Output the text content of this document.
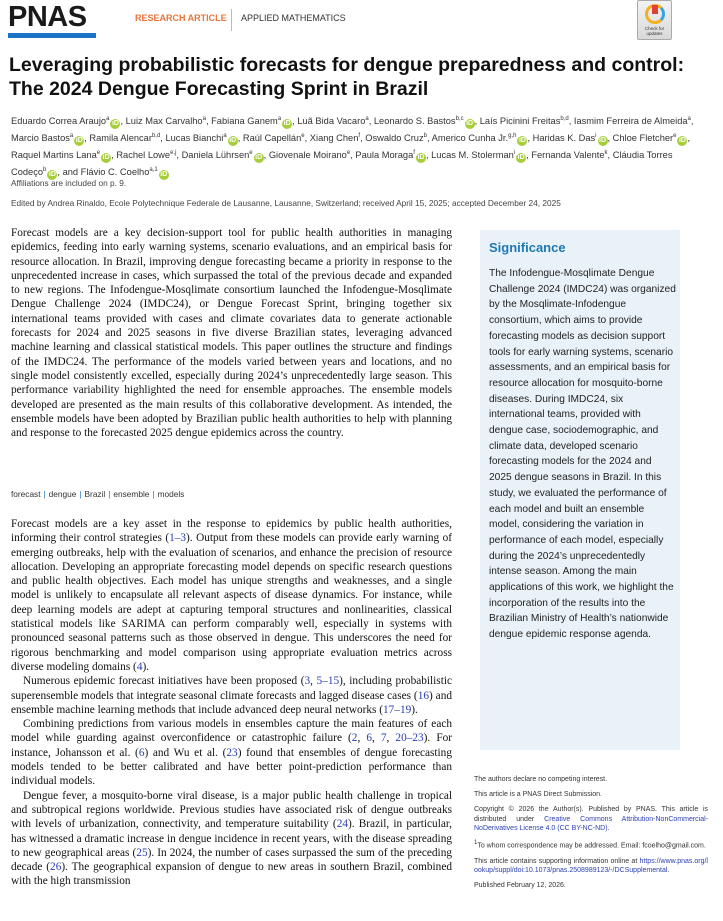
PNAS	RESEARCH ARTICLE APPLIED MATHEMATICS
Check for updates
Leveraging probabilistic forecasts for dengue preparedness and control: The 2024 Dengue Forecasting Sprint in Brazil
Eduardo Correa Araujo$^a$iD , Luiz Max Carvalho$^a$, Fabiana Ganem$^a$iD , Luã Bida Vacaro$^a$, Leonardo S. Bastos$^{b,c}$iD , Laís Picinini Freitas$^{b,d}$, Iasmim Ferreira de Almeida$^a$, Marcio Bastos$^a$iD , Ramila Alencar$^{b,d}$, Lucas Bianchi$^a$iD , Raúl Capellán$^e$, Xiang Chen$^f$, Oswaldo Cruz$^b$, Americo Cunha Jr.$^{g,h}$iD , Haridas K. Das$^i$iD , Chloe Fletcher$^e$iD , Raquel Martins Lana$^e$iD , Rachel Lowe$^{e,j}$, Daniela Lührsen$^e$iD , Giovenale Moirano$^e$, Paula Moraga$^f$iD , Lucas M. Stolerman$^i$iD , Fernanda Valente$^k$, Cláudia Torres Codeço$^b$iD , and Flávio C. Coelho$^{a,1}$iD
Affiliations are included on p. 9.
Edited by Andrea Rinaldo, Ecole Polytechnique Federale de Lausanne, Lausanne, Switzerland; received April 15, 2025; accepted December 24, 2025
Forecast models are a key decision-support tool for public health authorities in managing epidemics, feeding into early warning systems, scenario evaluations, and an empirical basis for resource allocation. In Brazil, improving dengue forecasting became a priority in response to the unprecedented increase in cases, which surpassed the total of the previous decade and expanded to new regions. The Infodengue-Mosqlimate consortium launched the Infodengue-Mosqlimate Dengue Challenge 2024 (IMDC24), or Dengue Forecast Sprint, bringing together six international teams provided with cases and climate covariates data to generate actionable forecasts for 2024 and 2025 seasons in five diverse Brazilian states, leveraging advanced machine learning and classical statistical models. This paper outlines the structure and findings of the IMDC24. The performance of the models varied between years and locations, and no single model consistently excelled, especially during 2024’s unprecedentedly large season. This performance variability highlighted the need for ensemble approaches. The ensemble models developed are presented as the main results of this collaborative development. As intended, the ensemble models have been adopted by Brazilian public health authorities to help with planning and response to the forecasted 2025 dengue epidemics across the country.
forecast | dengue | Brazil | ensemble | models

Forecast models are a key asset in the response to epidemics by public health authorities, informing their control strategies (1–3). Output from these models can provide early warning of emerging outbreaks, help with the evaluation of scenarios, and enhance the precision of resource allocation. Developing an appropriate forecasting model depends on specific research questions and public health objectives. Each model has unique strengths and weaknesses, and a single model is unlikely to encapsulate all relevant aspects of disease dynamics. For instance, while deep learning models are adept at capturing temporal structures and nonlinearities, classical statistical models like SARIMA can perform comparably well, especially in systems with pronounced seasonal patterns such as those observed in dengue. This underscores the need for rigorous benchmarking and model comparison using appropriate evaluation metrics across diverse modeling domains (4).

Numerous epidemic forecast initiatives have been proposed (3, 5–15), including probabilistic superensemble models that integrate seasonal climate forecasts and lagged disease cases (16) and ensemble machine learning methods that include advanced deep neural networks (17–19).

Combining predictions from various models in ensembles capture the main features of each model while guarding against overconfidence or catastrophic failure (2, 6, 7, 20–23). For instance, Johansson et al. (6) and Wu et al. (23) found that ensembles of dengue forecasting models tended to be better calibrated and have better point-prediction performance than individual models.

Dengue fever, a mosquito-borne viral disease, is a major public health challenge in tropical and subtropical regions worldwide. Previous studies have associated risk of dengue outbreaks with levels of urbanization, connectivity, and temperature suitability (24). Brazil, in particular, has witnessed a dramatic increase in dengue incidence in recent years, with the disease spreading to new geographical areas (25). In 2024, the number of cases surpassed the sum of the preceding decade (26). The geographical expansion of dengue to new areas in southern Brazil, combined with the high transmission

Significance
The Infodengue-Mosqlimate Dengue Challenge 2024 (IMDC24) was organized by the Mosqlimate-Infodengue consortium, which aims to provide forecasting models as decision support tools for early warning systems, scenario assessments, and an empirical basis for resource allocation for mosquito-borne diseases. During IMDC24, six international teams, provided with dengue case, sociodemographic, and climate data, developed scenario forecasting models for the 2024 and 2025 dengue seasons in Brazil. In this study, we evaluated the performance of each model and built an ensemble model, considering the variation in performance of each model, especially during the 2024’s unprecedentedly intense season. Among the main applications of this work, we highlight the incorporation of the results into the Brazilian Ministry of Health’s nationwide dengue epidemic response agenda.

The authors declare no competing interest.

This article is a PNAS Direct Submission.

Copyright © 2026 the Author(s). Published by PNAS. This article is distributed under Creative Commons Attribution-NonCommercial-NoDerivatives License 4.0 (CC BY-NC-ND).

$^1$To whom correspondence may be addressed. Email: fcoelho@gmail.com.

This article contains supporting information online at https://www.pnas.org/lookup/suppl/doi:10.1073/pnas.2508989123/-/DCSupplemental.

Published February 12, 2026.
